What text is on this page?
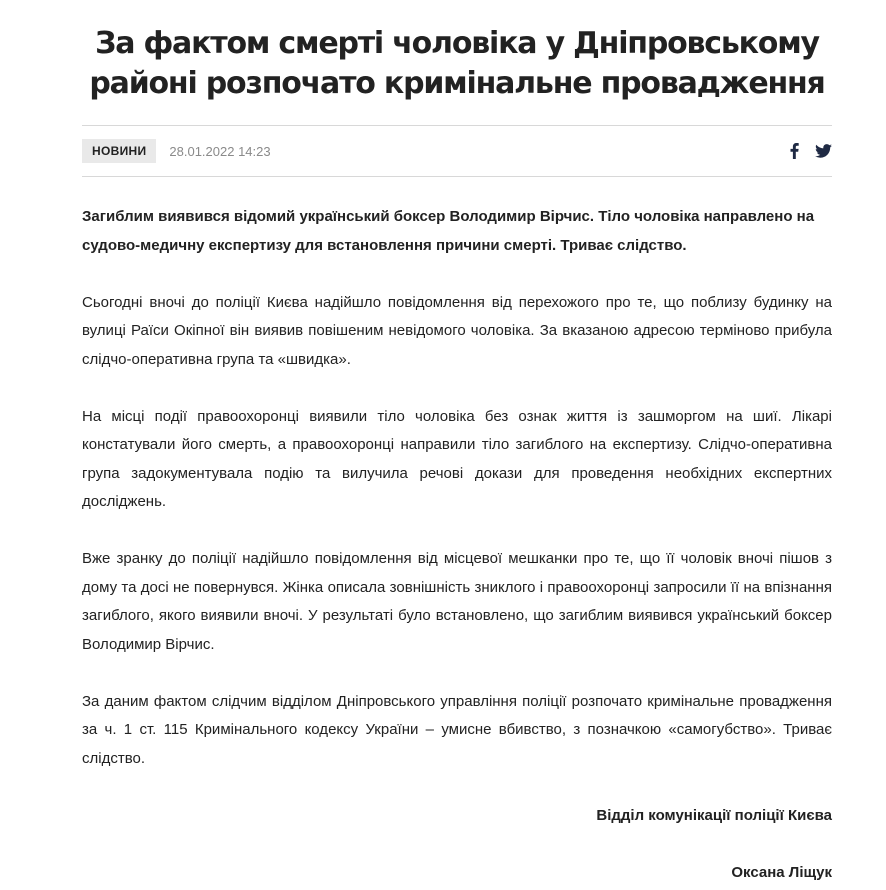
За фактом смерті чоловіка у Дніпровському
районі розпочато кримінальне провадження
НОВИНИ	28.01.2022 14:23

Загиблим виявився відомий український боксер Володимир Вірчис. Тіло чоловіка направлено на судово-медичну експертизу для встановлення причини смерті. Триває слідство.

Сьогодні вночі до поліції Києва надійшло повідомлення від перехожого про те, що поблизу будинку на вулиці Раїси Окіпної він виявив повішеним невідомого чоловіка. За вказаною адресою терміново прибула слідчо-оперативна група та «швидка».

На місці події правоохоронці виявили тіло чоловіка без ознак життя із зашморгом на шиї. Лікарі констатували його смерть, а правоохоронці направили тіло загиблого на експертизу. Слідчо-оперативна група задокументувала подію та вилучила речові докази для проведення необхідних експертних досліджень.

Вже зранку до поліції надійшло повідомлення від місцевої мешканки про те, що її чоловік вночі пішов з дому та досі не повернувся. Жінка описала зовнішність зниклого і правоохоронці запросили її на впізнання загиблого, якого виявили вночі. У результаті було встановлено, що загиблим виявився український боксер Володимир Вірчис.

За даним фактом слідчим відділом Дніпровського управління поліції розпочато кримінальне провадження за ч. 1 ст. 115 Кримінального кодексу України – умисне вбивство, з позначкою «самогубство». Триває слідство.

Відділ комунікації поліції Києва

Оксана Ліщук
